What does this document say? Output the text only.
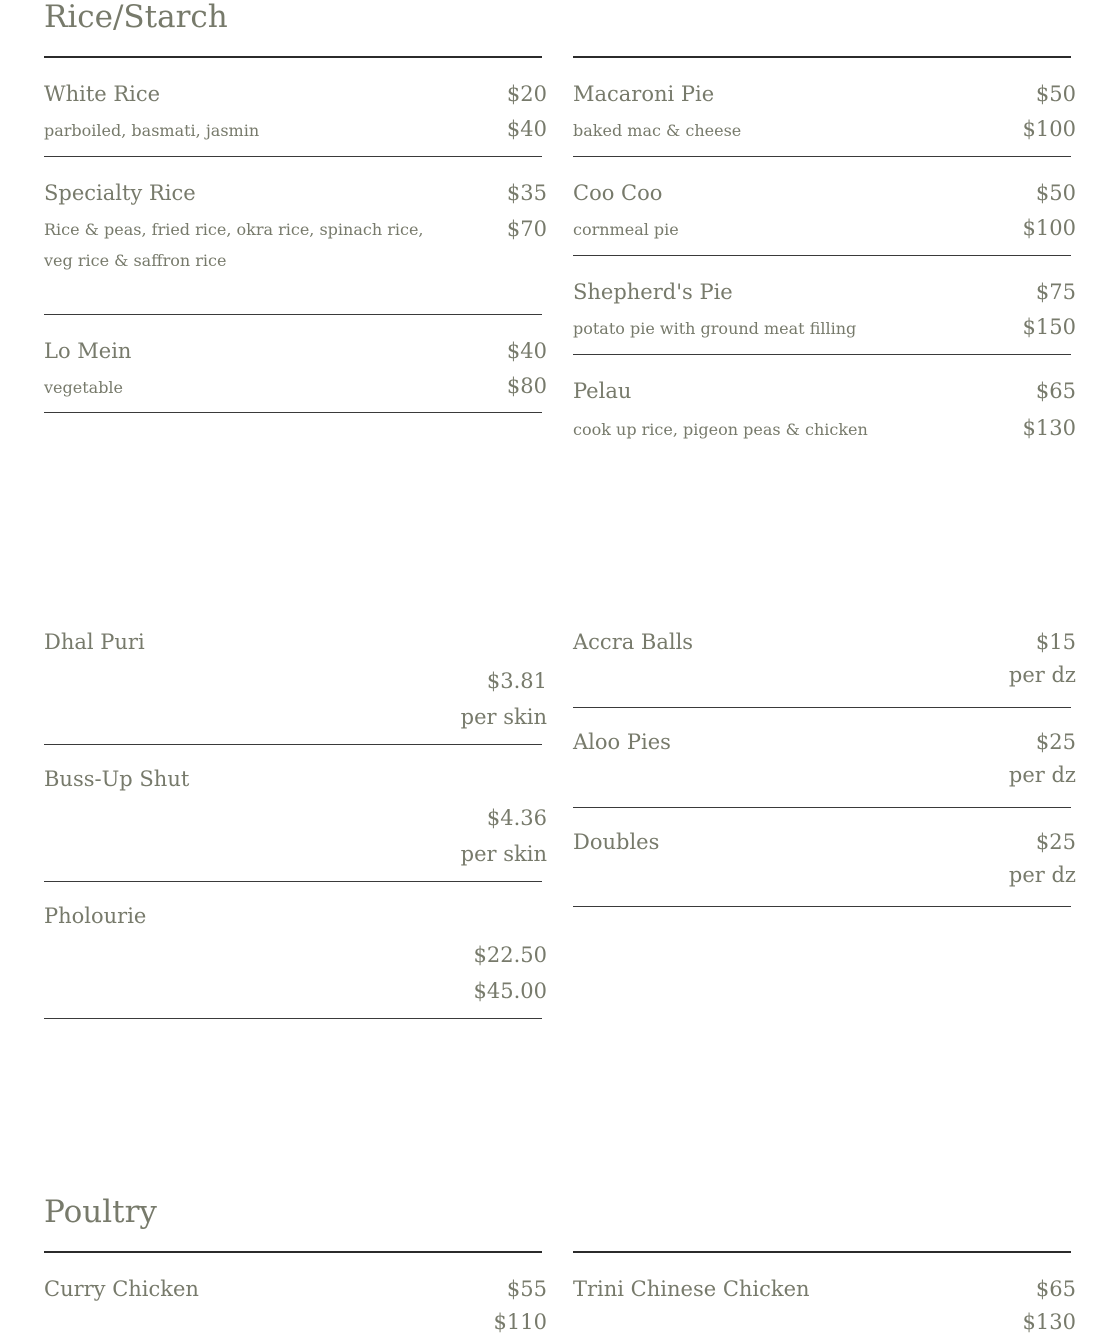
Rice/Starch
White Rice	$20
parboiled, basmati, jasmin	$40
Specialty Rice	$35
Rice & peas, fried rice, okra rice, spinach rice, veg rice & saffron rice
$70
Lo Mein	$40
vegetable	$80
Macaroni Pie	$50
baked mac & cheese	$100
Coo Coo	$50
cornmeal pie	$100
Shepherd's Pie	$75
potato pie with ground meat filling	$150
Pelau	$65
cook up rice, pigeon peas & chicken	$130
Dhal Puri
$3.81
per skin
Buss-Up Shut
$4.36
per skin
Pholourie
$22.50
$45.00
Accra Balls	$15
per dz
Aloo Pies	$25
per dz
Doubles	$25
per dz
Poultry
Curry Chicken	$55
$110
Trini Chinese Chicken	$65
$130
